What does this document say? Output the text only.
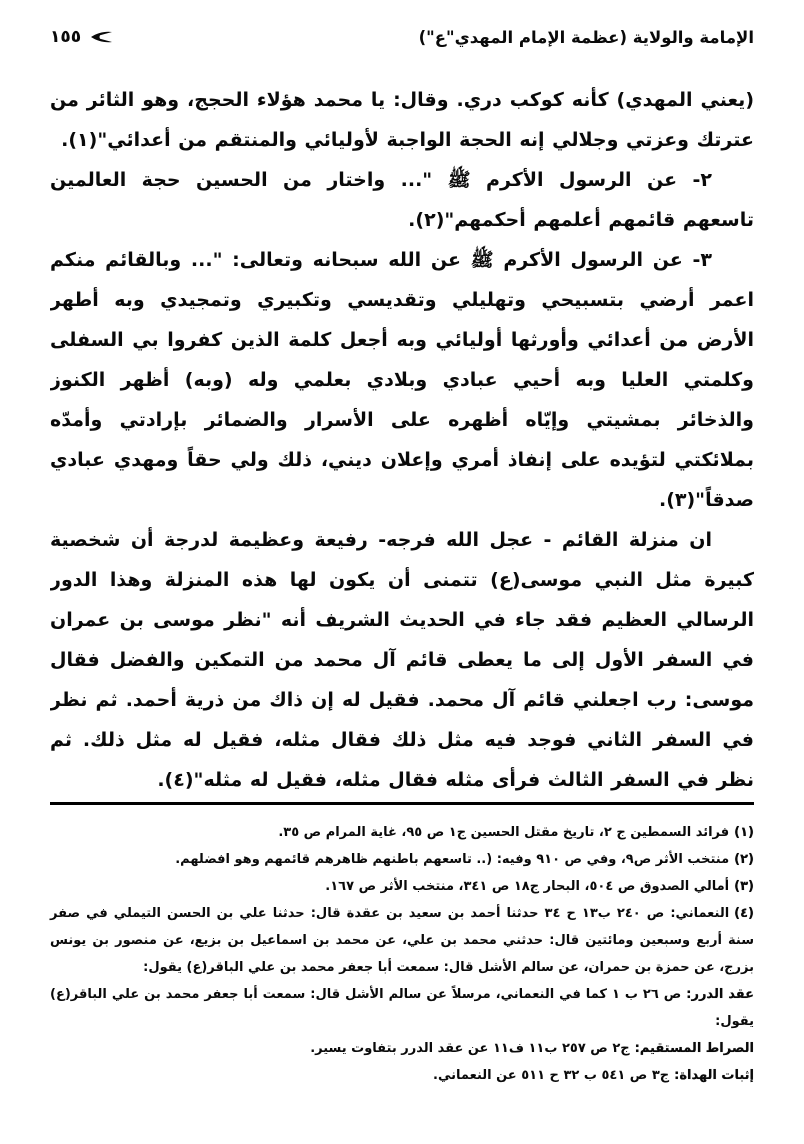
الإمامة والولاية (عظمة الإمام المهدي"ع")
١٥٥

(يعني المهدي) كأنه كوكب دري. وقال: يا محمد هؤلاء الحجج، وهو الثائر من عترتك وعزتي وجلالي إنه الحجة الواجبة لأوليائي والمنتقم من أعدائي"(١).

٢- عن الرسول الأكرم ﷺ "... واختار من الحسين حجة العالمين تاسعهم قائمهم أعلمهم أحكمهم"(٢).

٣- عن الرسول الأكرم ﷺ عن الله سبحانه وتعالى: "... وبالقائم منكم اعمر أرضي بتسبيحي وتهليلي وتقديسي وتكبيري وتمجيدي وبه أطهر الأرض من أعدائي وأورثها أوليائي وبه أجعل كلمة الذين كفروا بي السفلى وكلمتي العليا وبه أحيي عبادي وبلادي بعلمي وله (وبه) أظهر الكنوز والذخائر بمشيتي وإيّاه أظهره على الأسرار والضمائر بإرادتي وأمدّه بملائكتي لتؤيده على إنفاذ أمري وإعلان ديني، ذلك ولي حقاً ومهدي عبادي صدقاً"(٣).

ان منزلة القائم - عجل الله فرجه- رفيعة وعظيمة لدرجة أن شخصية كبيرة مثل النبي موسى(ع) تتمنى أن يكون لها هذه المنزلة وهذا الدور الرسالي العظيم فقد جاء في الحديث الشريف أنه "نظر موسى بن عمران في السفر الأول إلى ما يعطى قائم آل محمد من التمكين والفضل فقال موسى: رب اجعلني قائم آل محمد. فقيل له إن ذاك من ذرية أحمد. ثم نظر في السفر الثاني فوجد فيه مثل ذلك فقال مثله، فقيل له مثل ذلك. ثم نظر في السفر الثالث فرأى مثله فقال مثله، فقيل له مثله"(٤).

(١)فرائد السمطين ج ٢، تاريخ مقتل الحسين ج١ ص ٩٥، غاية المرام ص ٣٥.
(٢)منتخب الأثر ص٩، وفي ص ٩١٠ وفيه: (.. تاسعهم باطنهم ظاهرهم قائمهم وهو افضلهم.
(٣)أمالي الصدوق ص ٥٠٤، البحار ج١٨ ص ٣٤١، منتخب الأثر ص ١٦٧.
(٤)النعماني: ص ٢٤٠ ب١٣ ح ٣٤ حدثنا أحمد بن سعيد بن عقدة قال: حدثنا علي بن الحسن التيملي في صفر سنة أربع وسبعين ومائتين قال: حدثني محمد بن علي، عن محمد بن اسماعيل بن بزيع، عن منصور بن يونس بزرج، عن حمزة بن حمران، عن سالم الأشل قال: سمعت أبا جعفر محمد بن علي الباقر(ع) يقول:
عقد الدرر:ص ٢٦ ب ١ كما في النعماني، مرسلاً عن سالم الأشل قال: سمعت أبا جعفر محمد بن علي الباقر(ع) يقول:
الصراط المستقيم:ج٢ ص ٢٥٧ ب١١ ف١١ عن عقد الدرر بتفاوت يسير.
إثبات الهداة:ج٣ ص ٥٤١ ب ٣٢ ح ٥١١ عن النعماني.
